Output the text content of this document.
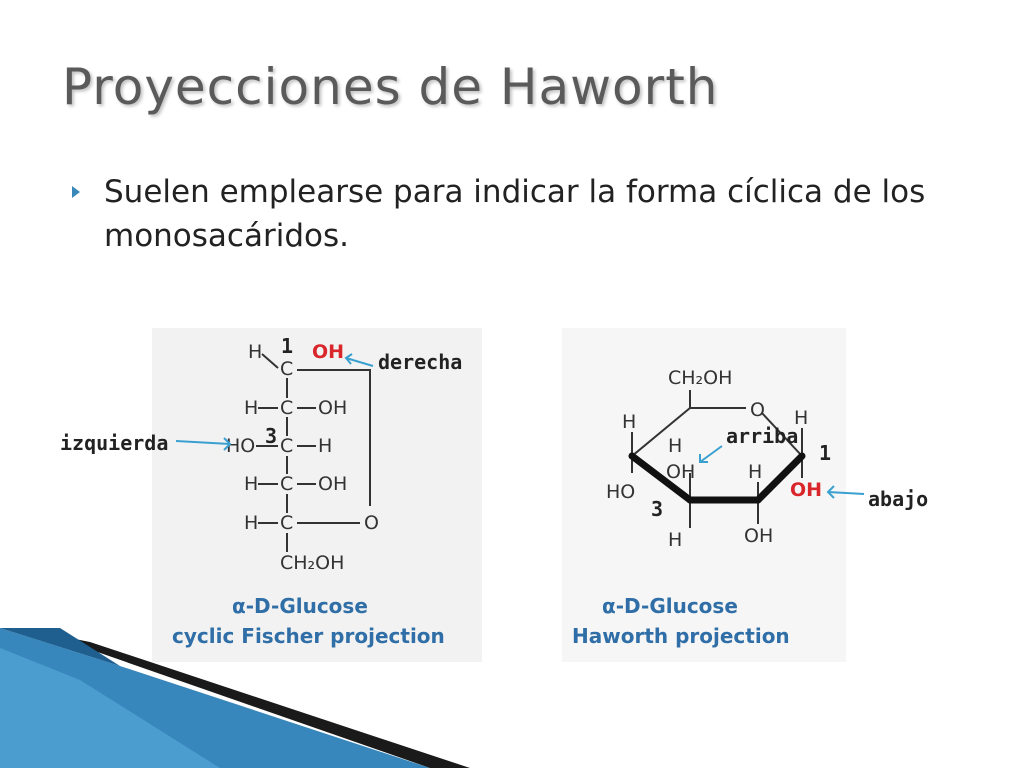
Proyecciones de Haworth
Suelen emplearse para indicar la forma cíclica de los monosacáridos.
H	OH
C
H C OH
HO C H
H C OH
H C	O
CH₂OH
α-D-Glucose
cyclic Fischer projection
CH₂OH
O
H	H
H
OH	H
HO	OH
H	OH
α-D-Glucose
Haworth projection
derecha
izquierda	arriba
abajo
1
3
1
3
